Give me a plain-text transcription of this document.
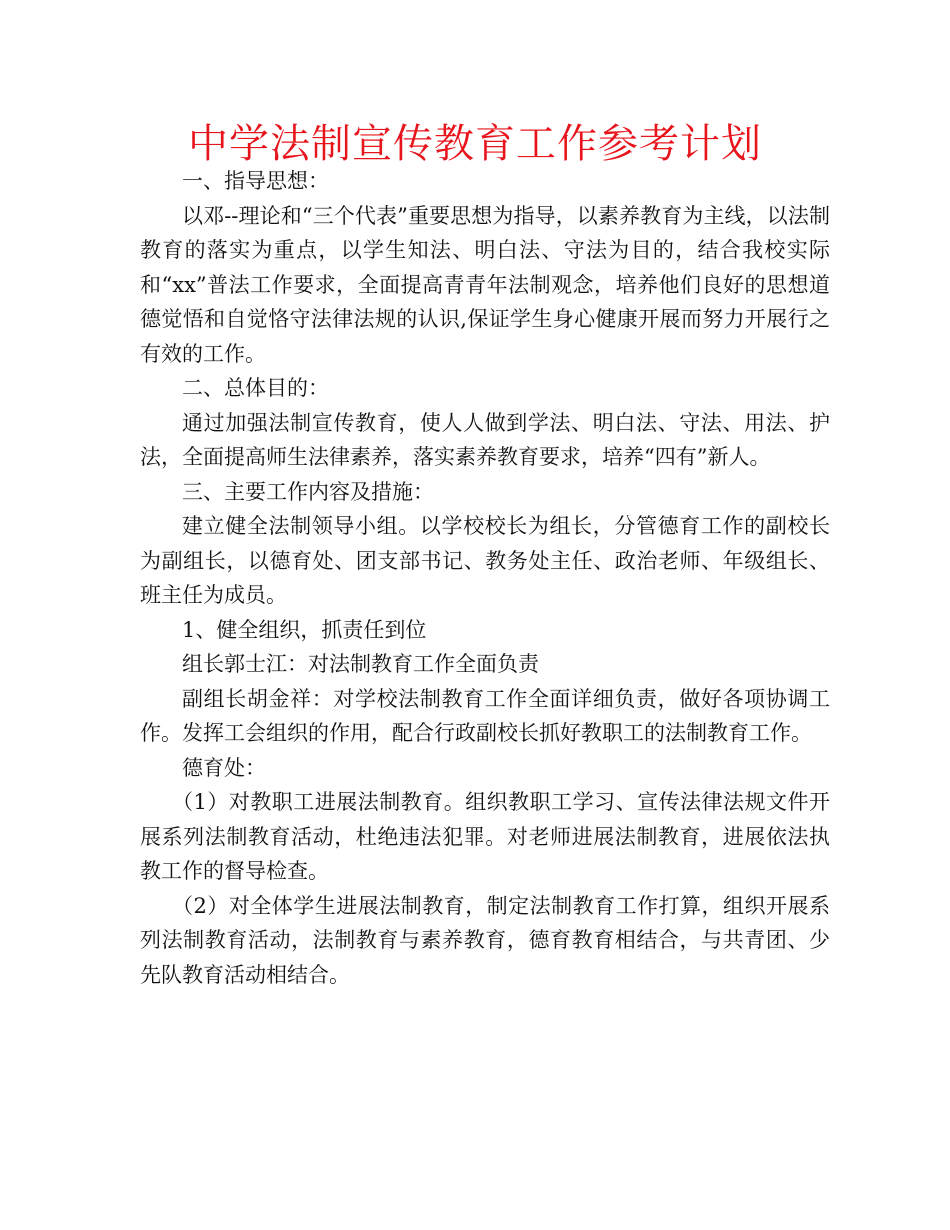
中学法制宣传教育工作参考计划

一、指导思想：

以邓--理论和“三个代表”重要思想为指导，以素养教育为主线，以法制教育的落实为重点，以学生知法、明白法、守法为目的，结合我校实际和“xx”普法工作要求，全面提高青青年法制观念，培养他们良好的思想道德觉悟和自觉恪守法律法规的认识,保证学生身心健康开展而努力开展行之有效的工作。

二、总体目的：

通过加强法制宣传教育，使人人做到学法、明白法、守法、用法、护法，全面提高师生法律素养，落实素养教育要求，培养“四有”新人。

三、主要工作内容及措施：

建立健全法制领导小组。以学校校长为组长，分管德育工作的副校长为副组长，以德育处、团支部书记、教务处主任、政治老师、年级组长、班主任为成员。

1、健全组织，抓责任到位

组长郭士江：对法制教育工作全面负责

副组长胡金祥：对学校法制教育工作全面详细负责，做好各项协调工作。发挥工会组织的作用，配合行政副校长抓好教职工的法制教育工作。

德育处：

（1）对教职工进展法制教育。组织教职工学习、宣传法律法规文件开展系列法制教育活动，杜绝违法犯罪。对老师进展法制教育，进展依法执教工作的督导检查。

（2）对全体学生进展法制教育，制定法制教育工作打算，组织开展系列法制教育活动，法制教育与素养教育，德育教育相结合，与共青团、少先队教育活动相结合。
